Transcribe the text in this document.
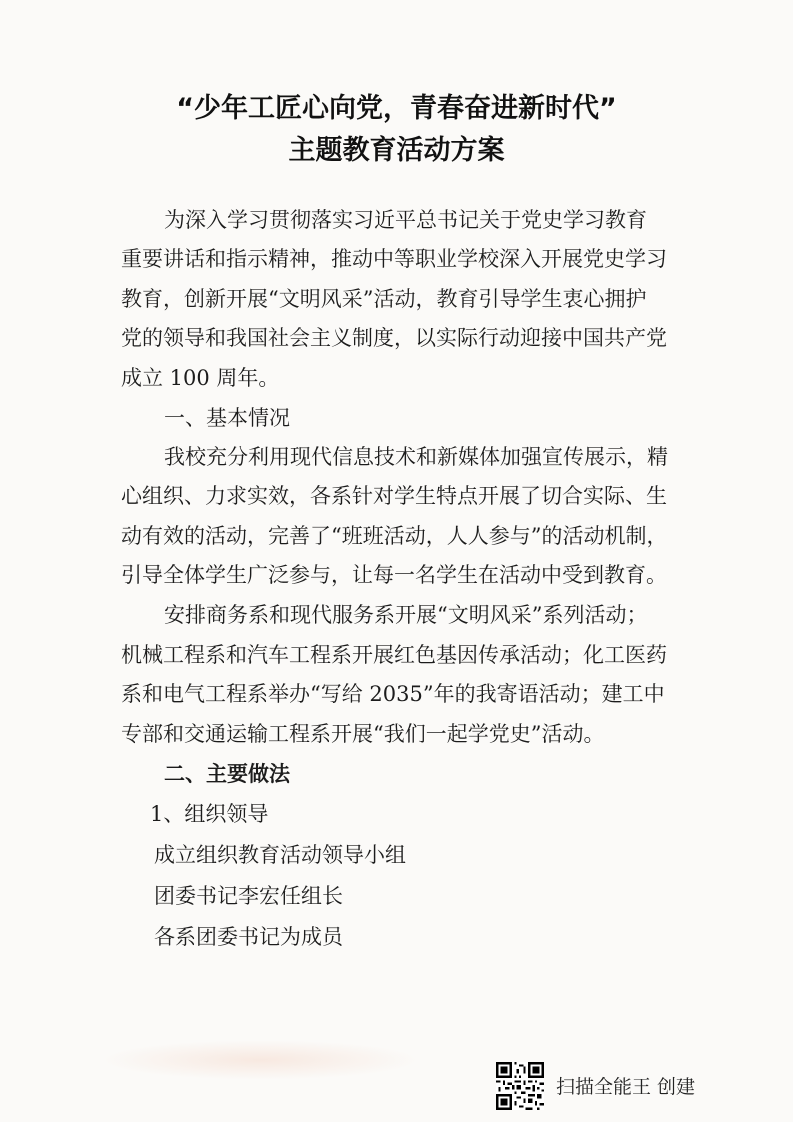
“少年工匠心向党，青春奋进新时代”
主题教育活动方案
为深入学习贯彻落实习近平总书记关于党史学习教育
重要讲话和指示精神，推动中等职业学校深入开展党史学习
教育，创新开展“文明风采”活动，教育引导学生衷心拥护
党的领导和我国社会主义制度，以实际行动迎接中国共产党
成立 100 周年。
一、基本情况
我校充分利用现代信息技术和新媒体加强宣传展示，精
心组织、力求实效，各系针对学生特点开展了切合实际、生
动有效的活动，完善了“班班活动，人人参与”的活动机制，
引导全体学生广泛参与，让每一名学生在活动中受到教育。
安排商务系和现代服务系开展“文明风采”系列活动；
机械工程系和汽车工程系开展红色基因传承活动；化工医药
系和电气工程系举办“写给 2035”年的我寄语活动；建工中
专部和交通运输工程系开展“我们一起学党史”活动。
二、主要做法
1、组织领导
成立组织教育活动领导小组
团委书记李宏任组长
各系团委书记为成员
扫描全能王 创建
